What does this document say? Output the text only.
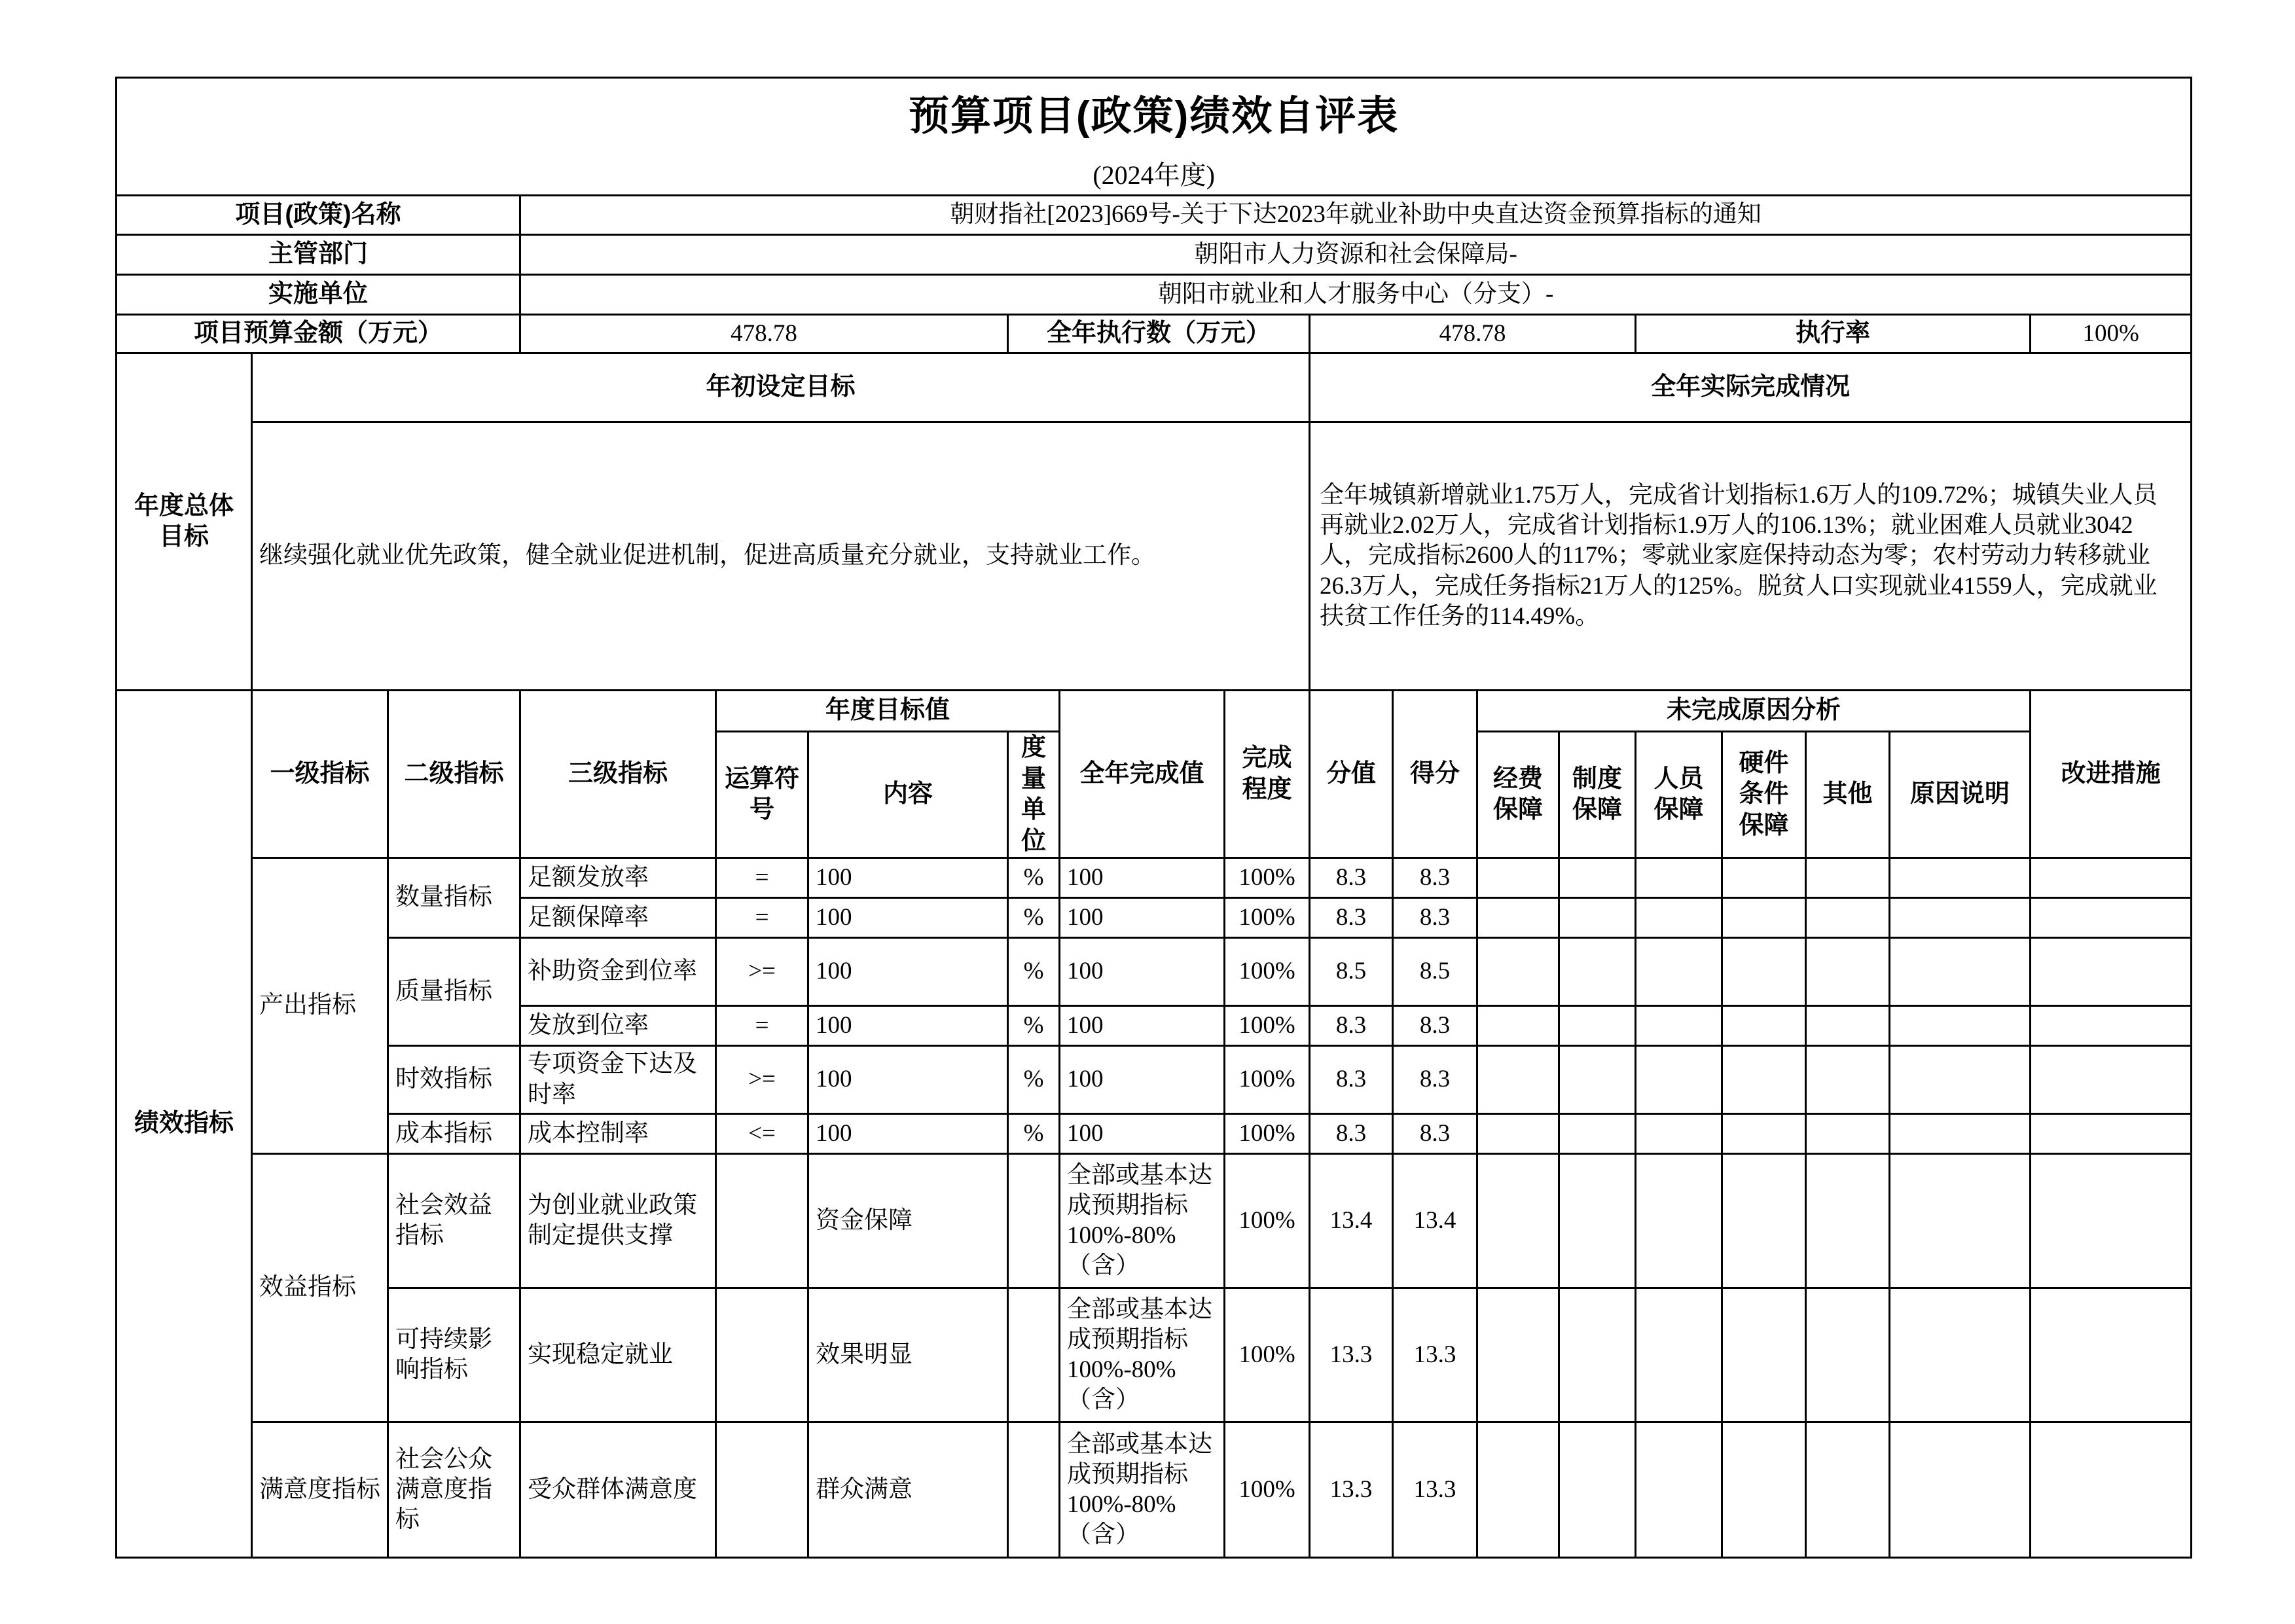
预算项目(政策)绩效自评表																	
(2024年度)																	
项目(政策)名称			朝财指社[2023]669号-关于下达2023年就业补助中央直达资金预算指标的通知														
主管部门			朝阳市人力资源和社会保障局-														
实施单位			朝阳市就业和人才服务中心（分支）-														
项目预算金额（万元）			478.78			全年执行数（万元）			478.78				执行率				100%
年度总体目标	年初设定目标								全年实际完成情况								
	继续强化就业优先政策，健全就业促进机制，促进高质量充分就业，支持就业工作。								全年城镇新增就业1.75万人，完成省计划指标1.6万人的109.72%；城镇失业人员再就业2.02万人，完成省计划指标1.9万人的106.13%；就业困难人员就业3042人，完成指标2600人的117%；零就业家庭保持动态为零；农村劳动力转移就业26.3万人，完成任务指标21万人的125%。脱贫人口实现就业41559人，完成就业扶贫工作任务的114.49%。								
绩效指标	一级指标	二级指标	三级指标	年度目标值			全年完成值	完成程度	分值	得分	未完成原因分析						改进措施
				运算符号	内容	度量单位					经费保障	制度保障	人员保障	硬件条件保障	其他	原因说明	
	产出指标	数量指标	足额发放率	=	100	%	100	100%	8.3	8.3							
			足额保障率	=	100	%	100	100%	8.3	8.3							
		质量指标	补助资金到位率	>=	100	%	100	100%	8.5	8.5							
			发放到位率	=	100	%	100	100%	8.3	8.3							
		时效指标	专项资金下达及时率	>=	100	%	100	100%	8.3	8.3							
		成本指标	成本控制率	<=	100	%	100	100%	8.3	8.3							
	效益指标	社会效益指标	为创业就业政策制定提供支撑		资金保障		全部或基本达成预期指标100%-80%（含）	100%	13.4	13.4							
		可持续影响指标	实现稳定就业		效果明显		全部或基本达成预期指标100%-80%（含）	100%	13.3	13.3							
	满意度指标	社会公众满意度指标	受众群体满意度		群众满意		全部或基本达成预期指标100%-80%（含）	100%	13.3	13.3							
